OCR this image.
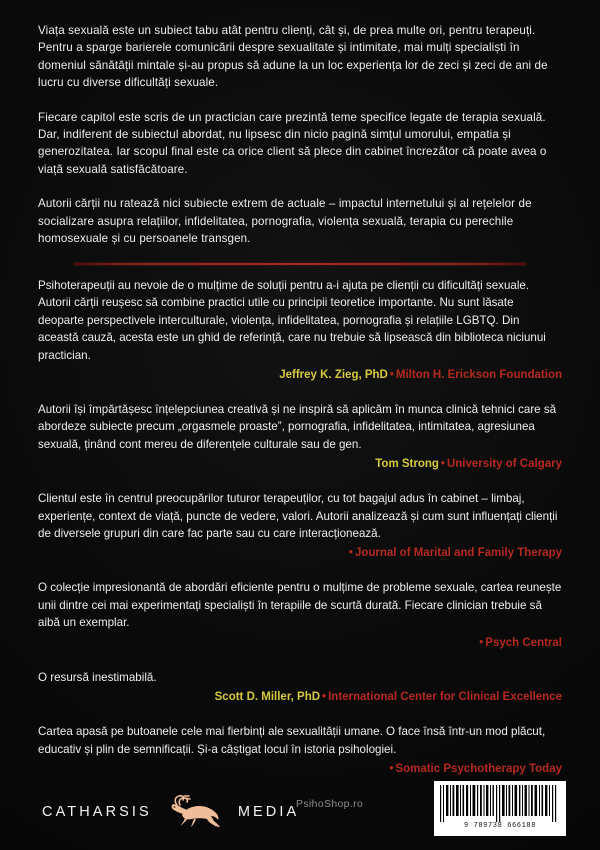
Viața sexuală este un subiect tabu atât pentru clienți, cât și, de prea multe ori, pentru terapeuți. Pentru a sparge barierele comunicării despre sexualitate și intimitate, mai mulți specialiști în domeniul sănătății mintale și-au propus să adune la un loc experiența lor de zeci și zeci de ani de lucru cu diverse dificultăți sexuale.

Fiecare capitol este scris de un practician care prezintă teme specifice legate de terapia sexuală. Dar, indiferent de subiectul abordat, nu lipsesc din nicio pagină simțul umorului, empatia și generozitatea. Iar scopul final este ca orice client să plece din cabinet încrezător că poate avea o viață sexuală satisfăcătoare.

Autorii cărții nu ratează nici subiecte extrem de actuale – impactul internetului și al rețelelor de socializare asupra relațiilor, infidelitatea, pornografia, violența sexuală, terapia cu perechile homosexuale și cu persoanele transgen.

Psihoterapeuții au nevoie de o mulțime de soluții pentru a-i ajuta pe clienții cu dificultăți sexuale. Autorii cărții reușesc să combine practici utile cu principii teoretice importante. Nu sunt lăsate deoparte perspectivele interculturale, violența, infidelitatea, pornografia și relațiile LGBTQ. Din această cauză, acesta este un ghid de referință, care nu trebuie să lipsească din biblioteca niciunui practician.

Jeffrey K. Zieg, PhD • Milton H. Erickson Foundation

Autorii își împărtășesc înțelepciunea creativă și ne inspiră să aplicăm în munca clinică tehnici care să abordeze subiecte precum „orgasmele proaste”, pornografia, infidelitatea, intimitatea, agresiunea sexuală, ținând cont mereu de diferențele culturale sau de gen.

Tom Strong • University of Calgary

Clientul este în centrul preocupărilor tuturor terapeuților, cu tot bagajul adus în cabinet – limbaj, experiențe, context de viață, puncte de vedere, valori. Autorii analizează și cum sunt influențați clienții de diversele grupuri din care fac parte sau cu care interacționează.

• Journal of Marital and Family Therapy

O colecție impresionantă de abordări eficiente pentru o mulțime de probleme sexuale, cartea reunește unii dintre cei mai experimentați specialiști în terapiile de scurtă durată. Fiecare clinician trebuie să aibă un exemplar.

• Psych Central

O resursă inestimabilă.

Scott D. Miller, PhD • International Center for Clinical Excellence

Cartea apasă pe butoanele cele mai fierbinți ale sexualității umane. O face însă într-un mod plăcut, educativ și plin de semnificații. Și-a câștigat locul în istoria psihologiei.

• Somatic Psychotherapy Today
CATHARSIS	MEDIA
PsihoShop.ro
9 789738 666188
